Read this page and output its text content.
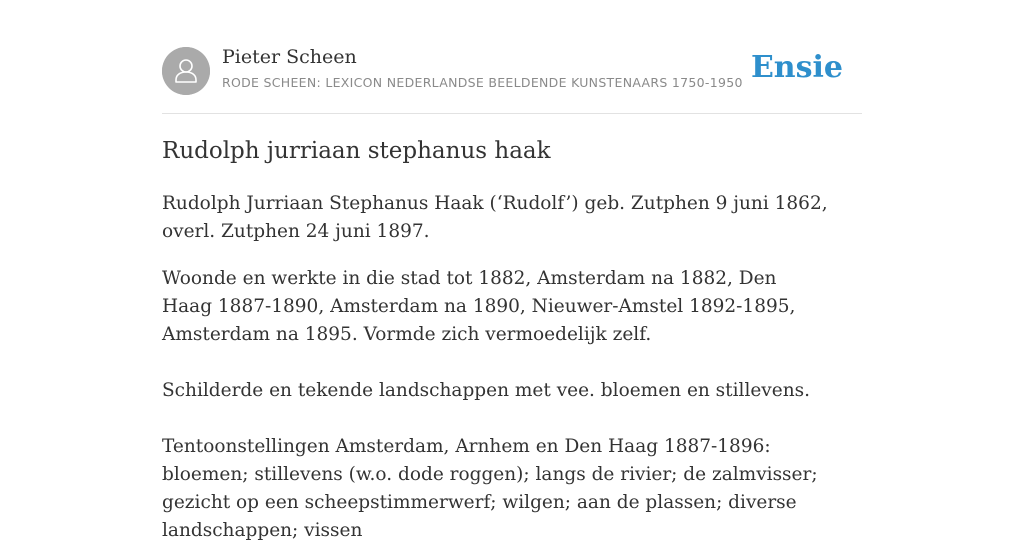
Pieter Scheen
RODE SCHEEN: LEXICON NEDERLANDSE BEELDENDE KUNSTENAARS 1750-1950 Ensie
Rudolph jurriaan stephanus haak

Rudolph Jurriaan Stephanus Haak (‘Rudolf’) geb. Zutphen 9 juni 1862, overl. Zutphen 24 juni 1897.

Woonde en werkte in die stad tot 1882, Amsterdam na 1882, Den Haag 1887-1890, Amsterdam na 1890, Nieuwer-Amstel 1892-1895, Amsterdam na 1895. Vormde zich vermoedelijk zelf.

Schilderde en tekende landschappen met vee. bloemen en stillevens.

Tentoonstellingen Amsterdam, Arnhem en Den Haag 1887-1896: bloemen; stillevens (w.o. dode roggen); langs de rivier; de zalmvisser; gezicht op een scheepstimmerwerf; wilgen; aan de plassen; diverse landschappen; vissen
